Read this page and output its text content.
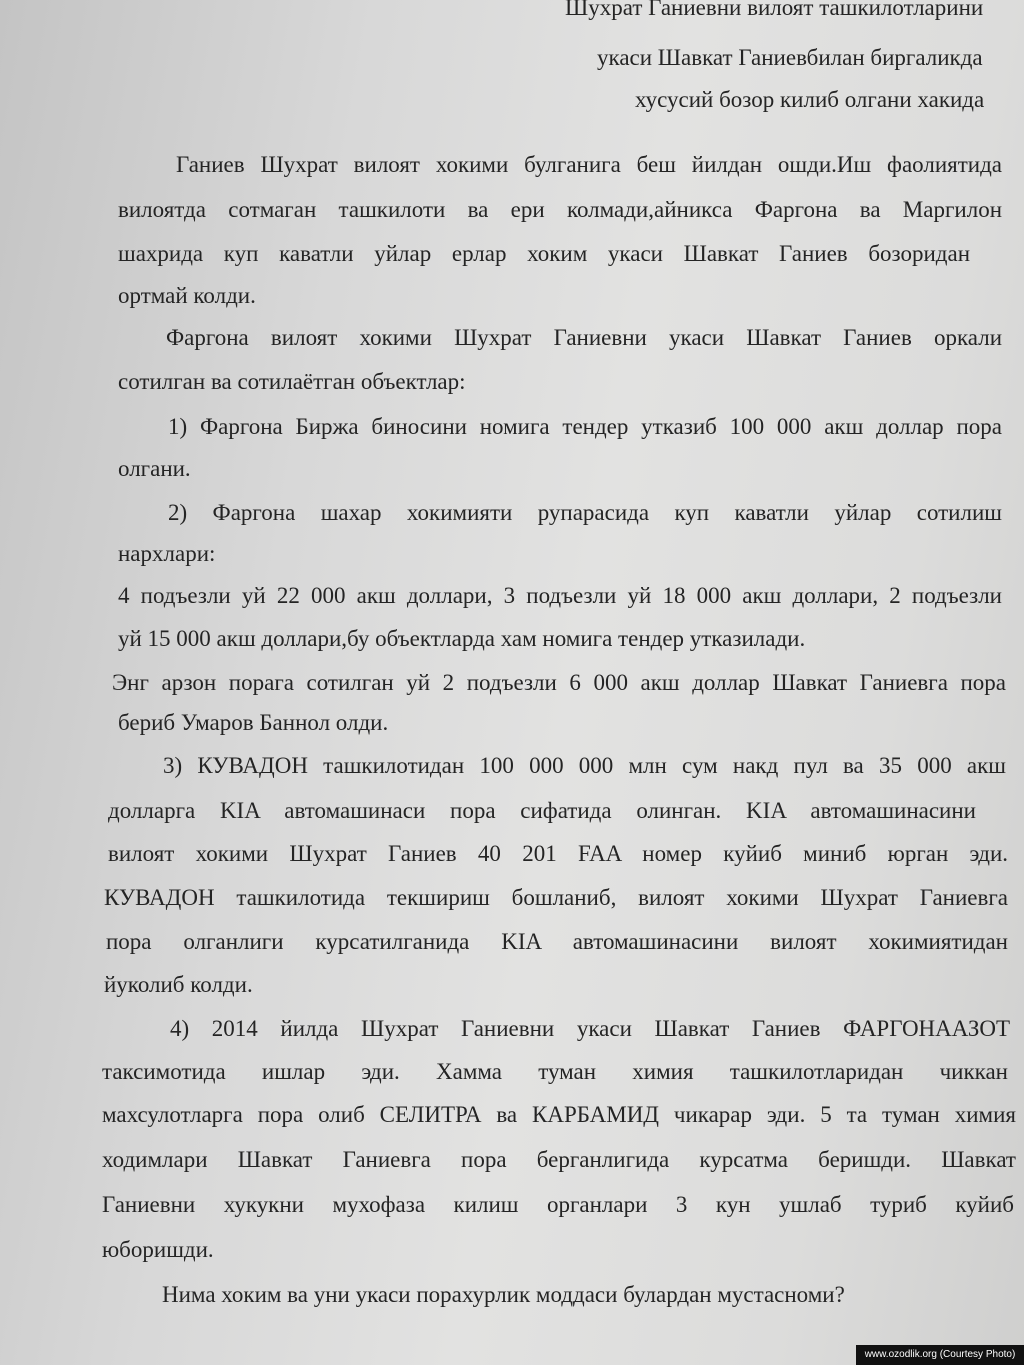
Шухрат Ганиевни вилоят ташкилотларини

укаси Шавкат Ганиевбилан биргаликда

хусусий бозор килиб олгани хакида

Ганиев Шухрат вилоят хокими булганига беш йилдан ошди.Иш фаолиятида

вилоятда сотмаган ташкилоти ва ери колмади,айникса Фаргона ва Маргилон

шахрида куп каватли уйлар ерлар хоким укаси Шавкат Ганиев бозоридан

ортмай колди.

Фаргона вилоят хокими Шухрат Ганиевни укаси Шавкат Ганиев оркали

сотилган ва сотилаётган объектлар:

1) Фаргона Биржа биносини номига тендер утказиб 100 000 акш доллар пора

олгани.

2) Фаргона шахар хокимияти рупарасида куп каватли уйлар сотилиш

нархлари:

4 подъезли уй 22 000 акш доллари, 3 подъезли уй 18 000 акш доллари, 2 подъезли

уй 15 000 акш доллари,бу объектларда хам номига тендер утказилади.

Энг арзон порага сотилган уй 2 подъезли 6 000 акш доллар Шавкат Ганиевга пора

бериб Умаров Баннол олди.

3) КУВАДОН ташкилотидан 100 000 000 млн сум накд пул ва 35 000 акш

долларга KIA автомашинаси пора сифатида олинган. KIA автомашинасини

вилоят хокими Шухрат Ганиев 40 201 FAA номер куйиб миниб юрган эди.

КУВАДОН ташкилотида текшириш бошланиб, вилоят хокими Шухрат Ганиевга

пора олганлиги курсатилганида KIA автомашинасини вилоят хокимиятидан

йуколиб колди.

4) 2014 йилда Шухрат Ганиевни укаси Шавкат Ганиев ФАРГОНААЗОТ

таксимотида ишлар эди. Хамма туман химия ташкилотларидан чиккан

махсулотларга пора олиб СЕЛИТРА ва КАРБАМИД чикарар эди. 5 та туман химия

ходимлари Шавкат Ганиевга пора берганлигида курсатма беришди. Шавкат

Ганиевни хукукни мухофаза килиш органлари 3 кун ушлаб туриб куйиб

юборишди.

Нима хоким ва уни укаси порахурлик моддаси булардан мустасноми?

www.ozodlik.org (Courtesy Photo)
